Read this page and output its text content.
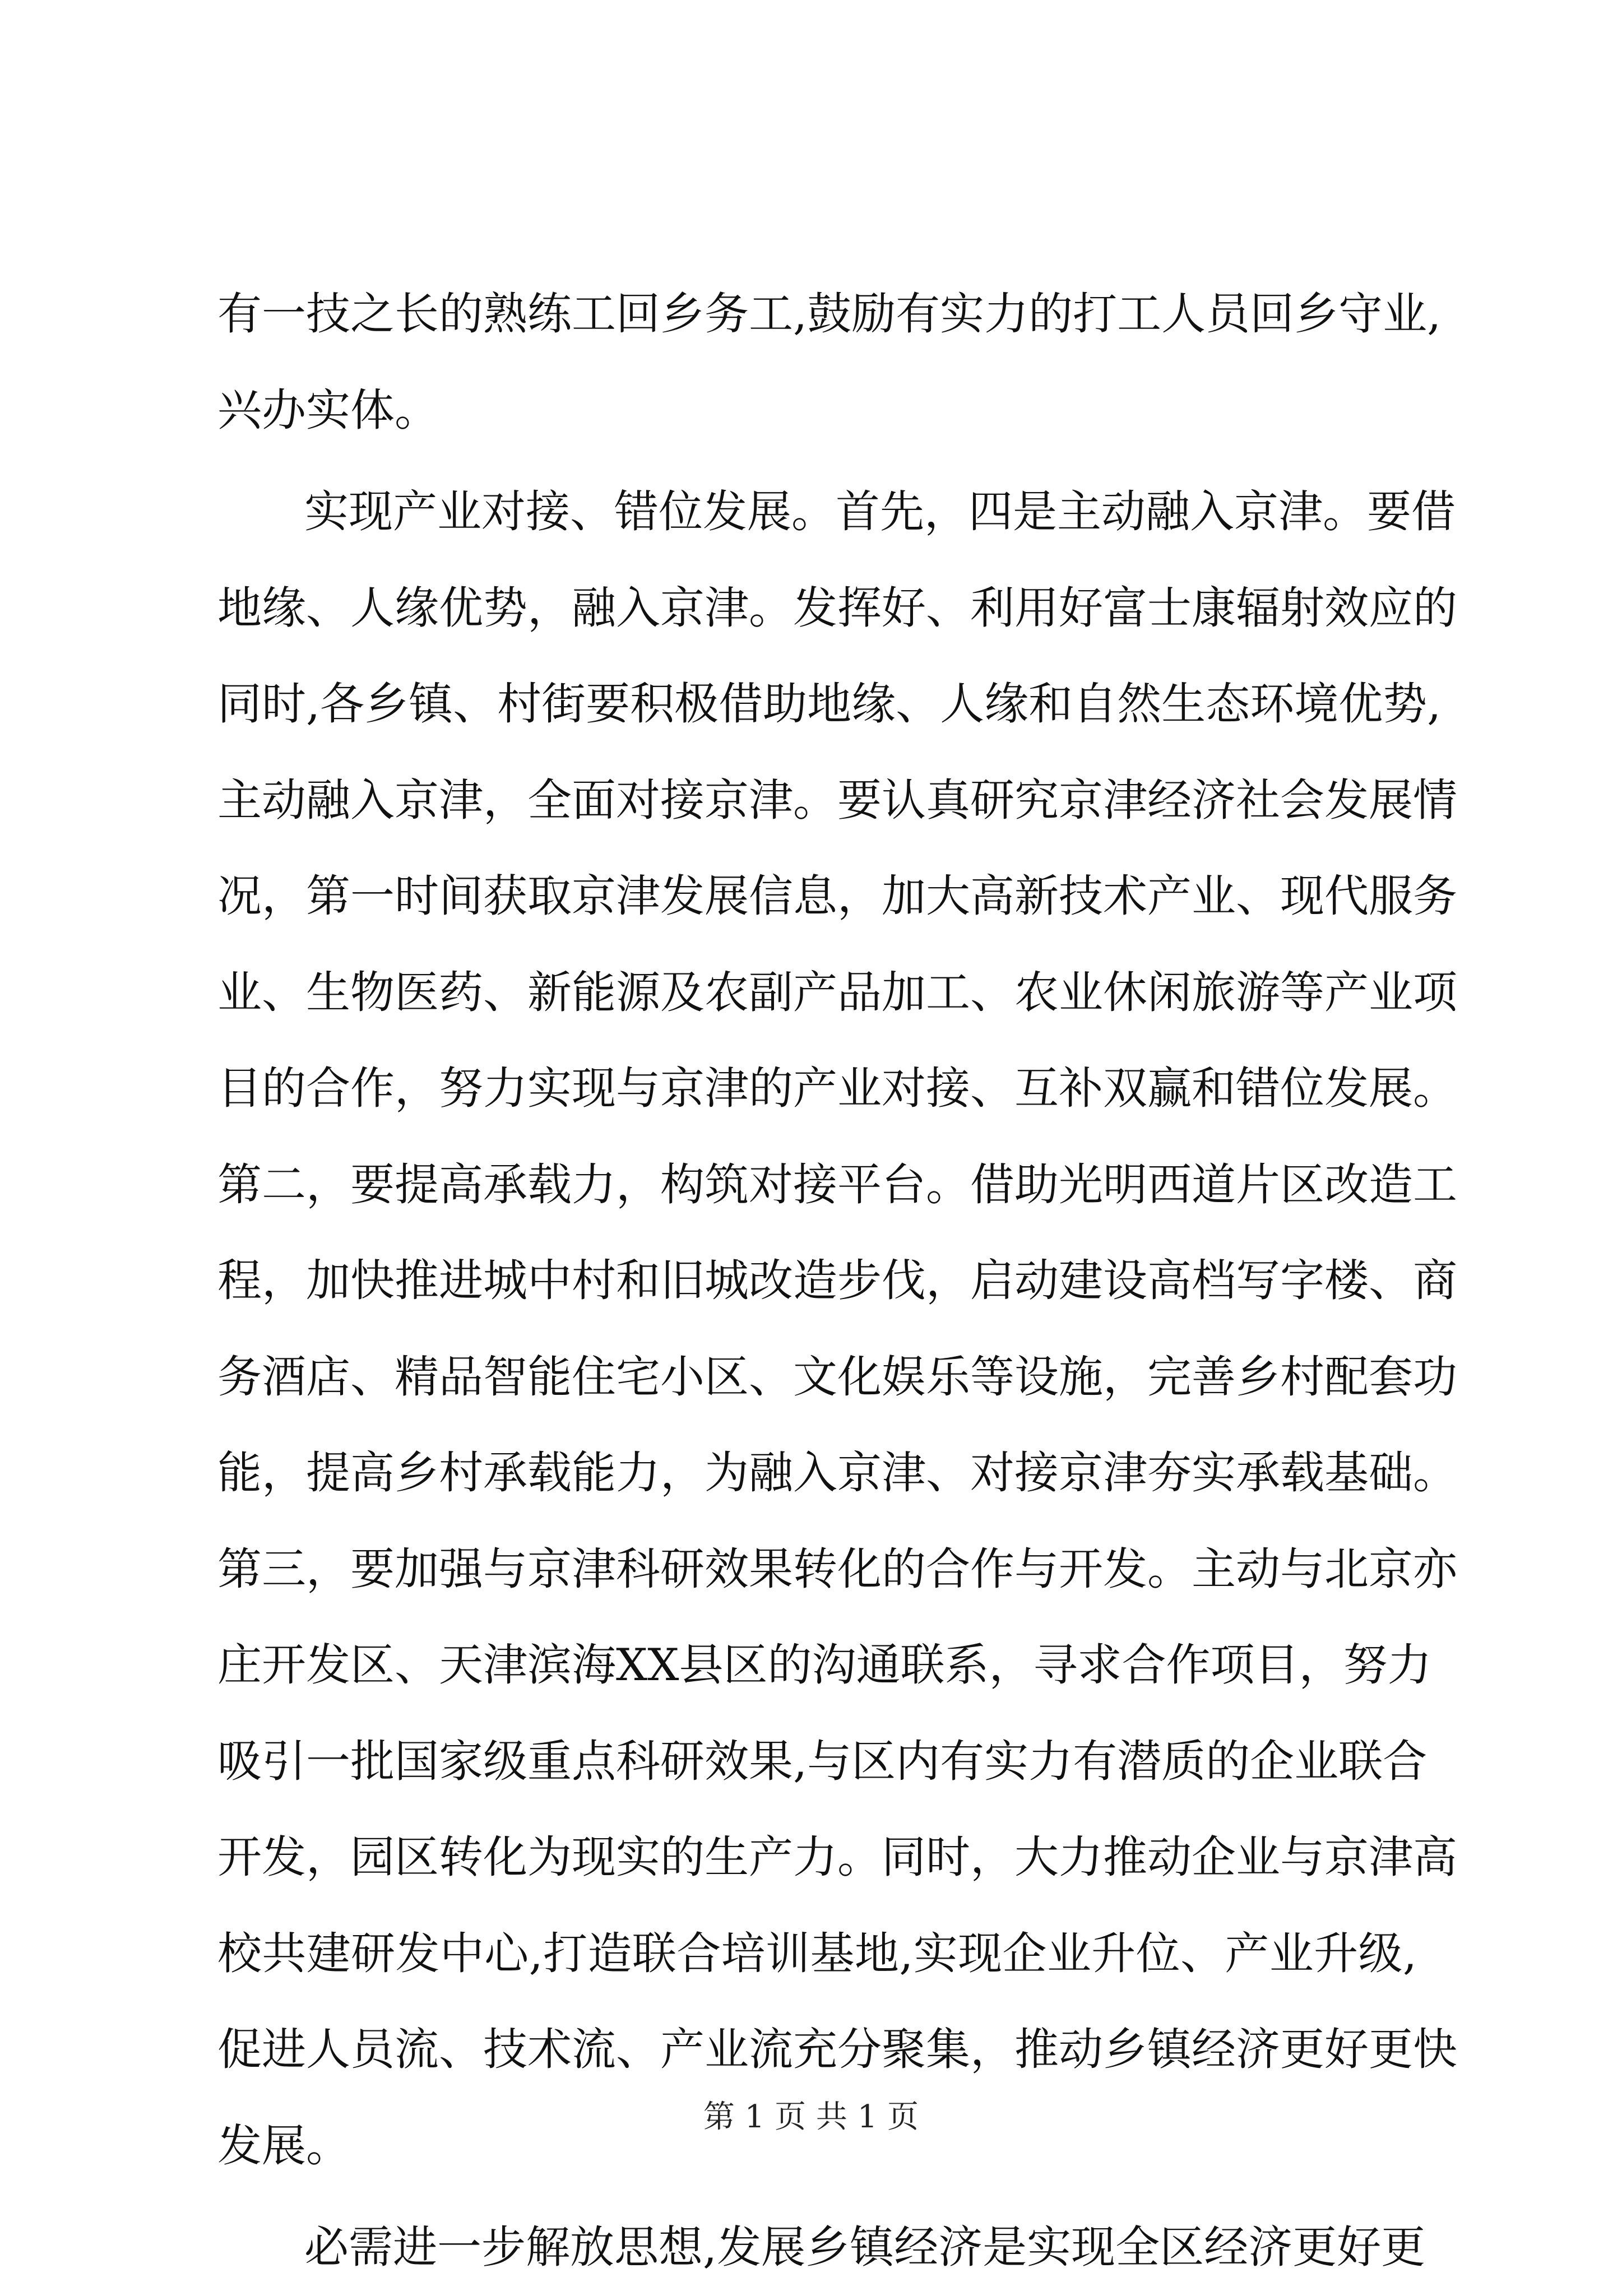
有一技之长的熟练工回乡务工,鼓励有实力的打工人员回乡守业,
兴办实体。
实现产业对接、错位发展。首先，四是主动融入京津。要借
地缘、人缘优势，融入京津。发挥好、利用好富士康辐射效应的
同时,各乡镇、村街要积极借助地缘、人缘和自然生态环境优势,
主动融入京津，全面对接京津。要认真研究京津经济社会发展情
况，第一时间获取京津发展信息，加大高新技术产业、现代服务
业、生物医药、新能源及农副产品加工、农业休闲旅游等产业项
目的合作，努力实现与京津的产业对接、互补双赢和错位发展。
第二，要提高承载力，构筑对接平台。借助光明西道片区改造工
程，加快推进城中村和旧城改造步伐，启动建设高档写字楼、商
务酒店、精品智能住宅小区、文化娱乐等设施，完善乡村配套功
能，提高乡村承载能力，为融入京津、对接京津夯实承载基础。
第三，要加强与京津科研效果转化的合作与开发。主动与北京亦
庄开发区、天津滨海XX县区的沟通联系，寻求合作项目，努力
吸引一批国家级重点科研效果,与区内有实力有潜质的企业联合
开发，园区转化为现实的生产力。同时，大力推动企业与京津高
校共建研发中心,打造联合培训基地,实现企业升位、产业升级,
促进人员流、技术流、产业流充分聚集，推动乡镇经济更好更快
发展。
必需进一步解放思想,发展乡镇经济是实现全区经济更好更
第 1 页 共 1 页
